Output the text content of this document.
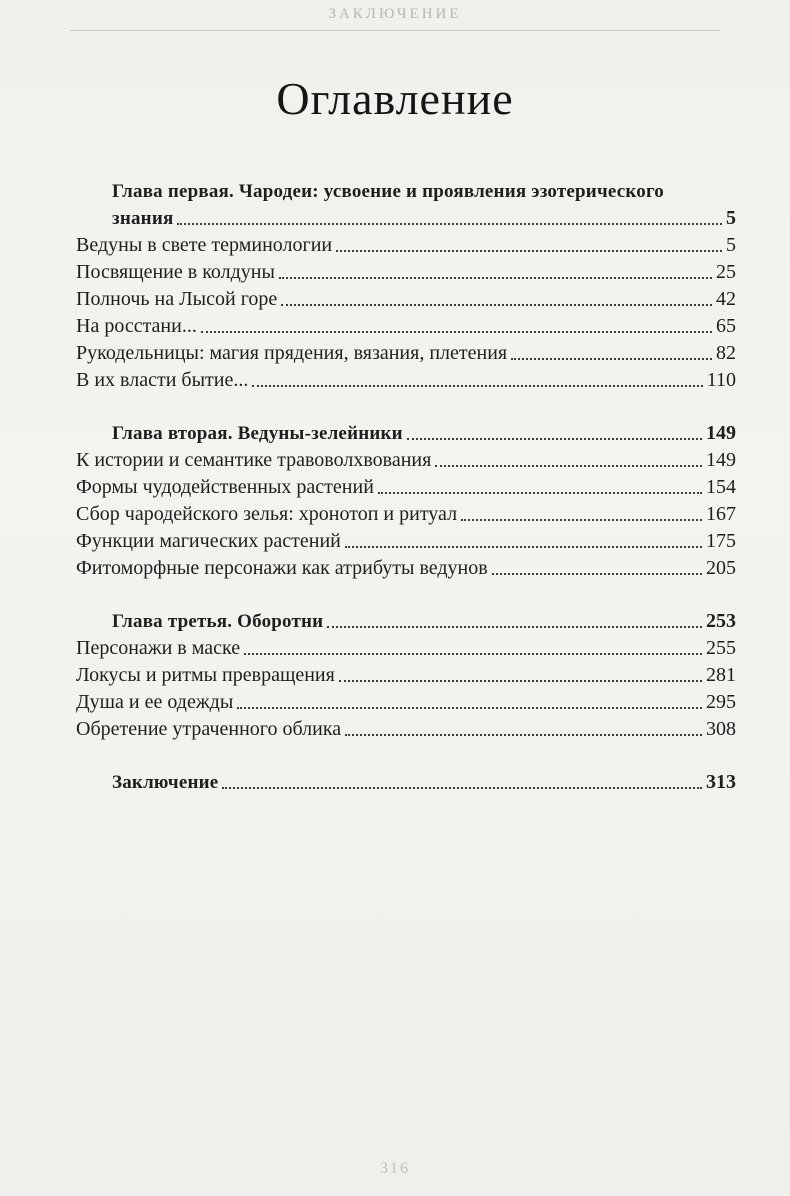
ЗАКЛЮЧЕНИЕ
Оглавление
Глава первая. Чародеи: усвоение и проявления эзотерического
знания	5
Ведуны в свете терминологии	5
Посвящение в колдуны	25
Полночь на Лысой горе	42
На росстани...	65
Рукодельницы: магия прядения, вязания, плетения	82
В их власти бытие...	110
Глава вторая. Ведуны-зелейники	149
К истории и семантике травоволхвования	149
Формы чудодейственных растений	154
Сбор чародейского зелья: хронотоп и ритуал	167
Функции магических растений	175
Фитоморфные персонажи как атрибуты ведунов	205
Глава третья. Оборотни	253
Персонажи в маске	255
Локусы и ритмы превращения	281
Душа и ее одежды	295
Обретение утраченного облика	308
Заключение	313
316
